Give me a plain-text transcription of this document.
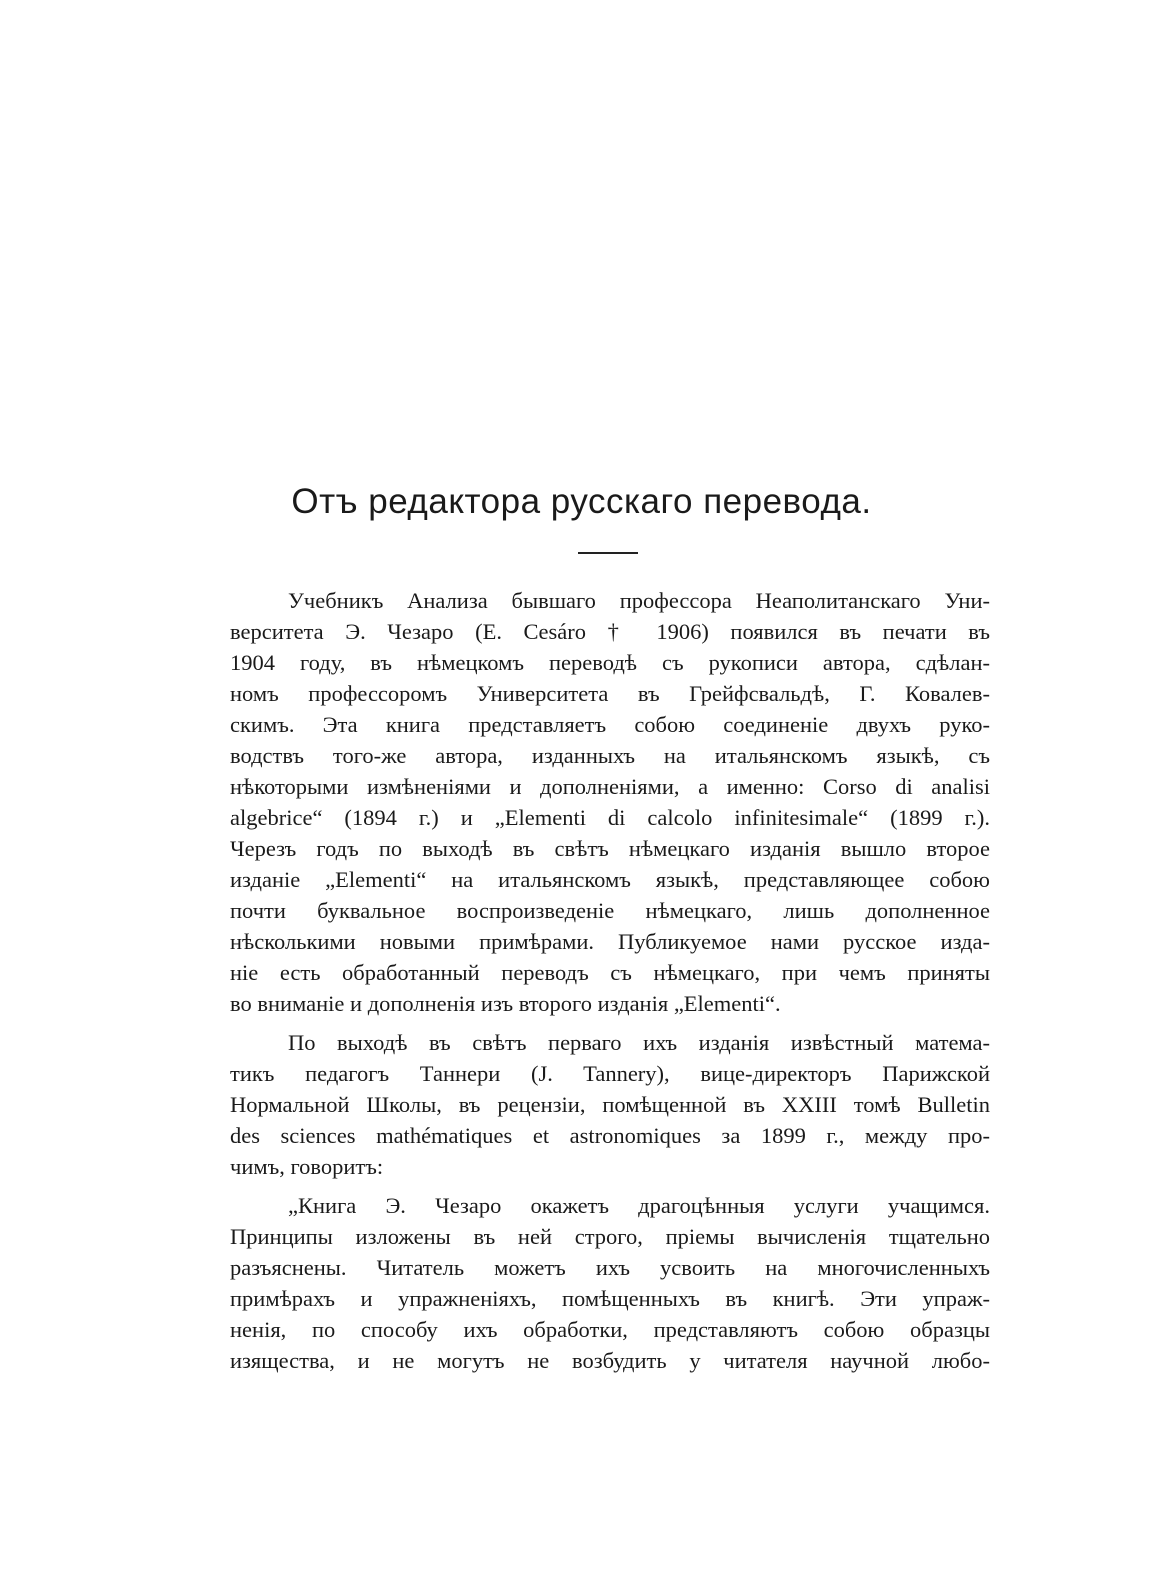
Отъ редактора русскаго перевода.

Учебникъ Анализа бывшаго профессора Неаполитанскаго Уни-
верситета Э. Чезаро (E. Cesáro † 1906) появился въ печати въ
1904 году, въ нѣмецкомъ переводѣ съ рукописи автора, сдѣлан-
номъ профессоромъ Университета въ Грейфсвальдѣ, Г. Ковалев-
скимъ. Эта книга представляетъ собою соединеніе двухъ руко-
водствъ того-же автора, изданныхъ на итальянскомъ языкѣ, съ
нѣкоторыми измѣненіями и дополненіями, а именно: Corso di analisi
algebrice“ (1894 г.) и „Elementi di calcolo infinitesimale“ (1899 г.).
Черезъ годъ по выходѣ въ свѣтъ нѣмецкаго изданія вышло второе
изданіе „Elementi“ на итальянскомъ языкѣ, представляющее собою
почти буквальное воспроизведеніе нѣмецкаго, лишь дополненное
нѣсколькими новыми примѣрами. Публикуемое нами русское изда-
ніе есть обработанный переводъ съ нѣмецкаго, при чемъ приняты
во вниманіе и дополненія изъ второго изданія „Elementi“.

По выходѣ въ свѣтъ перваго ихъ изданія извѣстный матема-
тикъ педагогъ Таннери (J. Tannery), вице-директоръ Парижской
Нормальной Школы, въ рецензіи, помѣщенной въ XXIII томѣ Bulletin
des sciences mathématiques et astronomiques за 1899 г., между про-
чимъ, говоритъ:

„Книга Э. Чезаро окажетъ драгоцѣнныя услуги учащимся.
Принципы изложены въ ней строго, пріемы вычисленія тщательно
разъяснены. Читатель можетъ ихъ усвоить на многочисленныхъ
примѣрахъ и упражненіяхъ, помѣщенныхъ въ книгѣ. Эти упраж-
ненія, по способу ихъ обработки, представляютъ собою образцы
изящества, и не могутъ не возбудить у читателя научной любо-
